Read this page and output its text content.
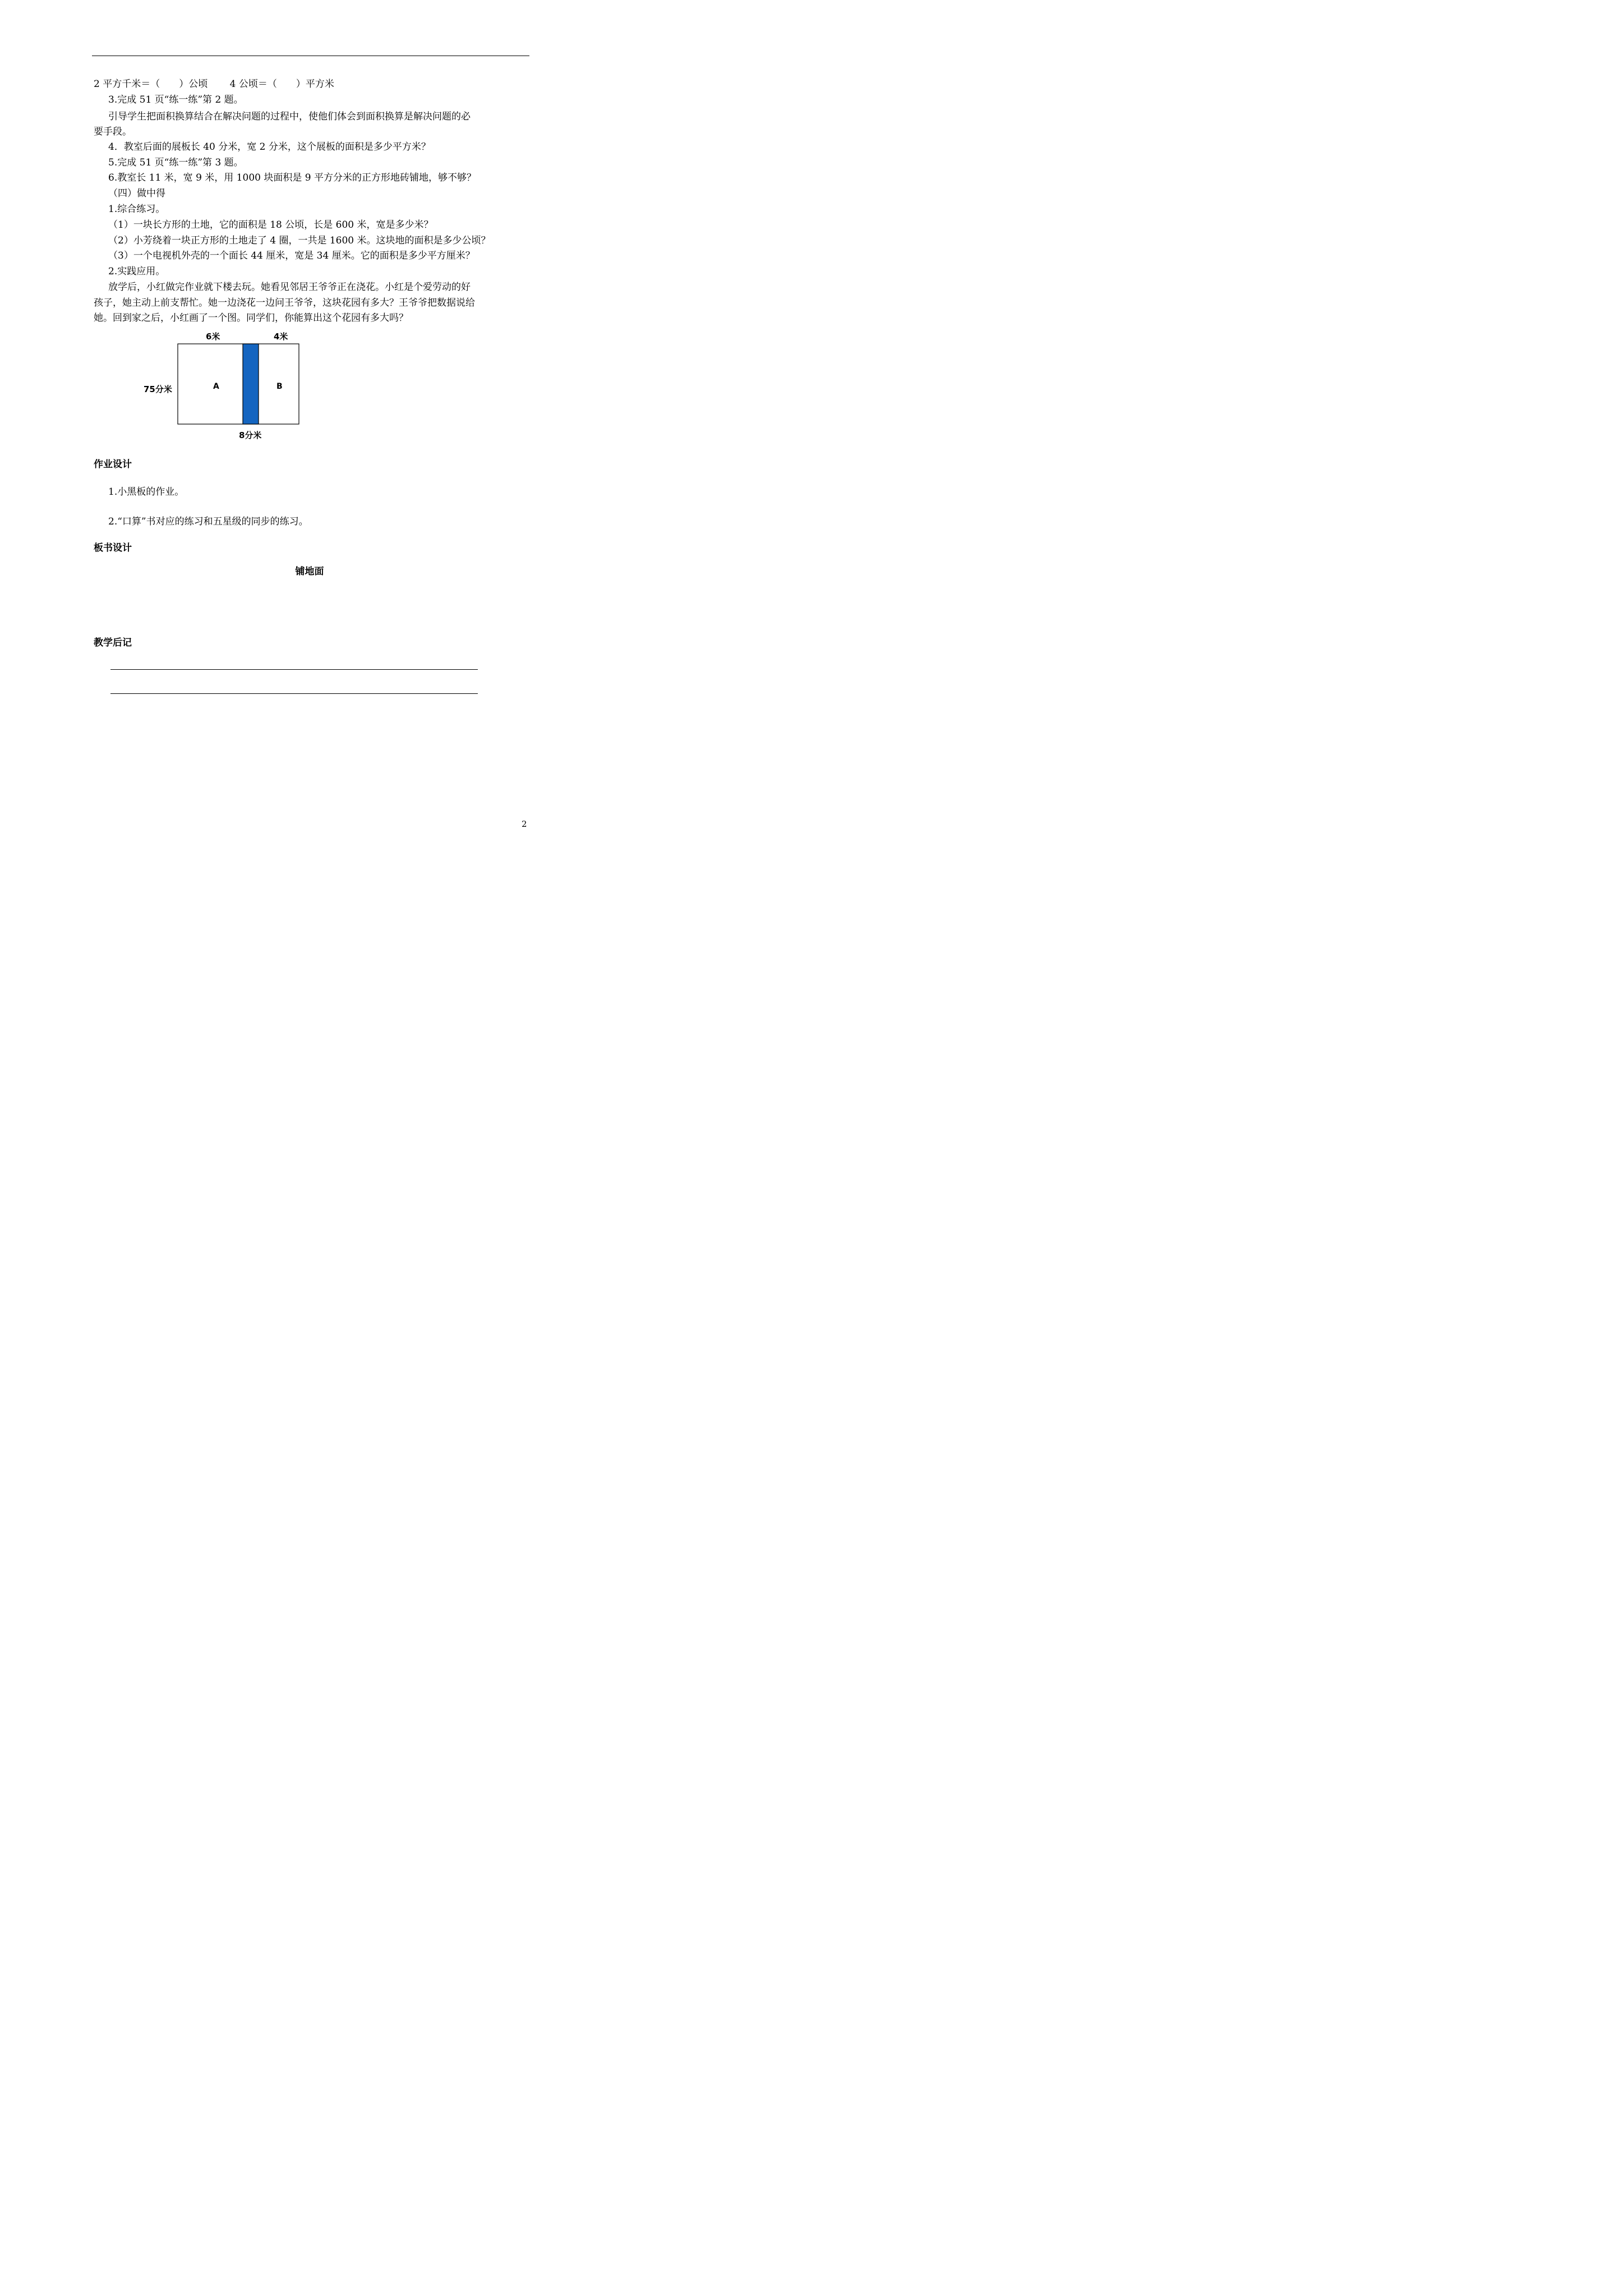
2 平方千米＝（　　）公顷　　 4 公顷＝（　　）平方米
3.完成 51 页“练一练”第 2 题。
引导学生把面积换算结合在解决问题的过程中，使他们体会到面积换算是解决问题的必
要手段。
4．教室后面的展板长 40 分米，宽 2 分米，这个展板的面积是多少平方米？
5.完成 51 页“练一练”第 3 题。
6.教室长 11 米，宽 9 米，用 1000 块面积是 9 平方分米的正方形地砖铺地，够不够？
（四）做中得
1.综合练习。
（1）一块长方形的土地，它的面积是 18 公顷，长是 600 米，宽是多少米？
（2）小芳绕着一块正方形的土地走了 4 圈，一共是 1600 米。这块地的面积是多少公顷？
（3）一个电视机外壳的一个面长 44 厘米，宽是 34 厘米。它的面积是多少平方厘米？
2.实践应用。
放学后，小红做完作业就下楼去玩。她看见邻居王爷爷正在浇花。小红是个爱劳动的好
孩子，她主动上前支帮忙。她一边浇花一边问王爷爷，这块花园有多大？王爷爷把数据说给
她。回到家之后，小红画了一个图。同学们，你能算出这个花园有多大吗？
6米	4米
75分米
8分米
A	B
作业设计
1.小黑板的作业。
2.“口算”书对应的练习和五星级的同步的练习。
板书设计
铺地面
教学后记
2
